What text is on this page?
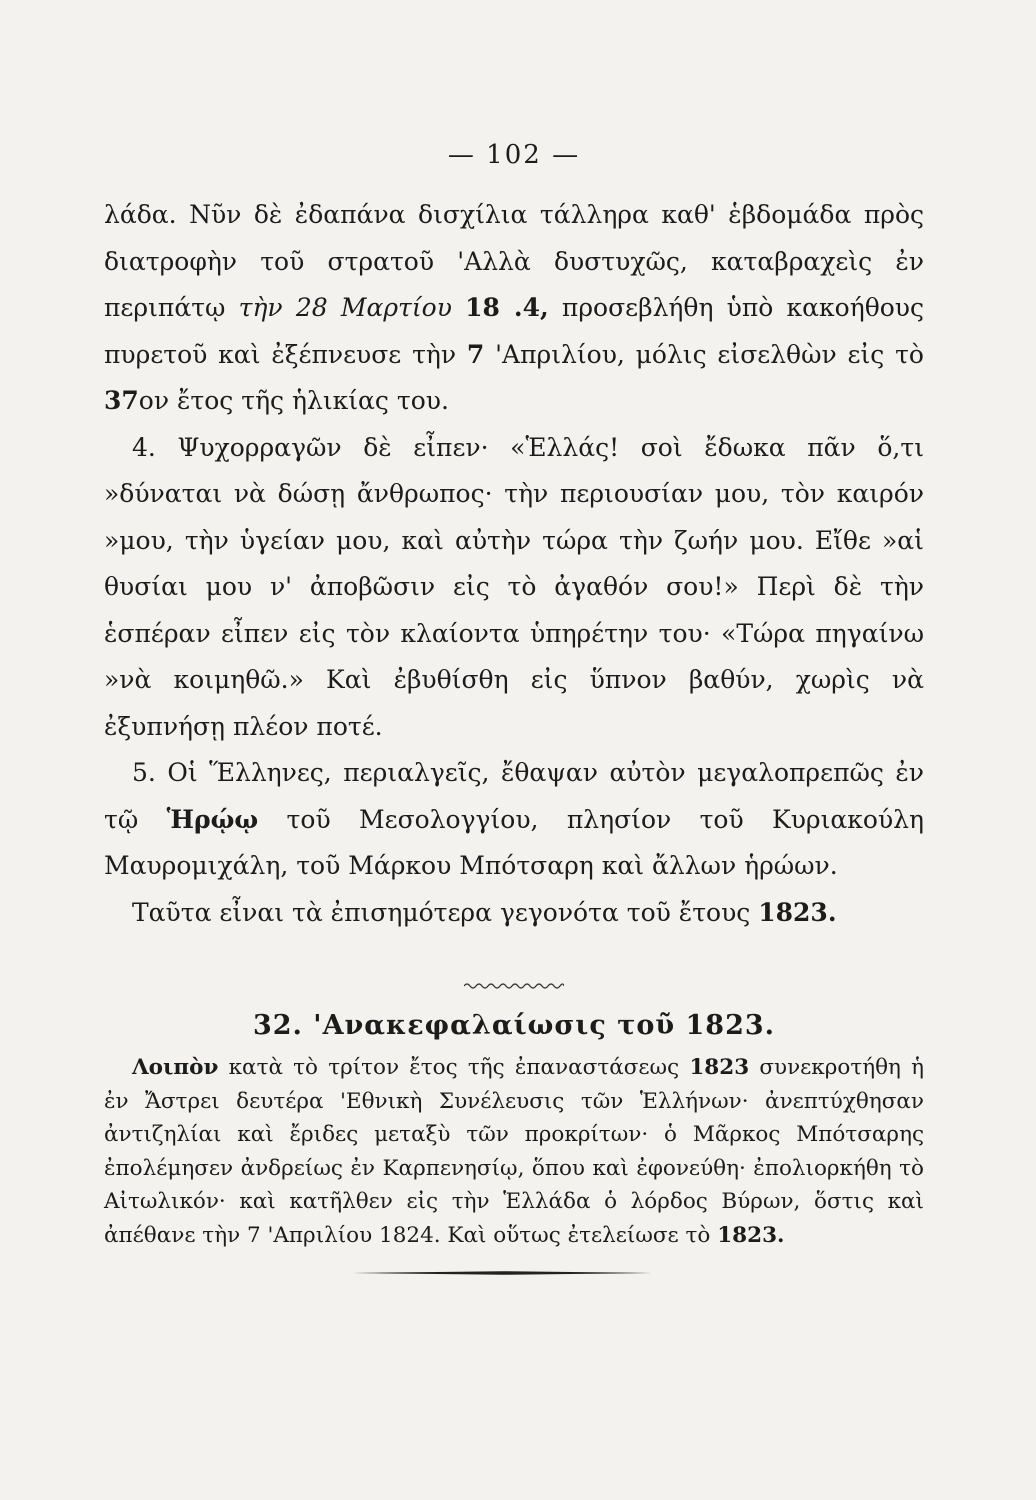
— 102 —

λάδα. Νῦν δὲ ἐδαπάνα δισχίλια τάλληρα καθ' ἑβδομάδα πρὸς διατροφὴν τοῦ στρατοῦ 'Αλλὰ δυστυχῶς, καταβραχεὶς ἐν περιπάτῳ τὴν 28 Μαρτίου 18 .4, προσεβλήθη ὑπὸ κακοήθους πυρετοῦ καὶ ἐξέπνευσε τὴν 7 'Απριλίου, μόλις εἰσελθὼν εἰς τὸ 37ον ἔτος τῆς ἡλικίας του.

4. Ψυχορραγῶν δὲ εἶπεν· «Ἑλλάς! σοὶ ἔδωκα πᾶν ὅ,τι »δύναται νὰ δώσῃ ἄνθρωπος· τὴν περιουσίαν μου, τὸν καιρόν »μου, τὴν ὑγείαν μου, καὶ αὐτὴν τώρα τὴν ζωήν μου. Εἴθε »αἱ θυσίαι μου ν' ἀποβῶσιν εἰς τὸ ἀγαθόν σου!» Περὶ δὲ τὴν ἑσπέραν εἶπεν εἰς τὸν κλαίοντα ὑπηρέτην του· «Τώρα πηγαίνω »νὰ κοιμηθῶ.» Καὶ ἐβυθίσθη εἰς ὕπνον βαθύν, χωρὶς νὰ ἐξυπνήσῃ πλέον ποτέ.

5. Οἱ Ἕλληνες, περιαλγεῖς, ἔθαψαν αὐτὸν μεγαλοπρεπῶς ἐν τῷ Ἡρῴῳ τοῦ Μεσολογγίου, πλησίον τοῦ Κυριακούλη Μαυρομιχάλη, τοῦ Μάρκου Μπότσαρη καὶ ἄλλων ἡρώων.

Ταῦτα εἶναι τὰ ἐπισημότερα γεγονότα τοῦ ἔτους 1823.

32. 'Ανακεφαλαίωσις τοῦ 1823.

Λοιπὸν κατὰ τὸ τρίτον ἔτος τῆς ἐπαναστάσεως 1823 συνεκροτήθη ἡ ἐν Ἄστρει δευτέρα 'Εθνικὴ Συνέλευσις τῶν Ἑλλήνων· ἀνεπτύχθησαν ἀντιζηλίαι καὶ ἔριδες μεταξὺ τῶν προκρίτων· ὁ Μᾶρκος Μπότσαρης ἐπολέμησεν ἀνδρείως ἐν Καρπενησίῳ, ὅπου καὶ ἐφονεύθη· ἐπολιορκήθη τὸ Αἰτωλικόν· καὶ κατῆλθεν εἰς τὴν Ἑλλάδα ὁ λόρδος Βύρων, ὅστις καὶ ἀπέθανε τὴν 7 'Απριλίου 1824. Καὶ οὕτως ἐτελείωσε τὸ 1823.
